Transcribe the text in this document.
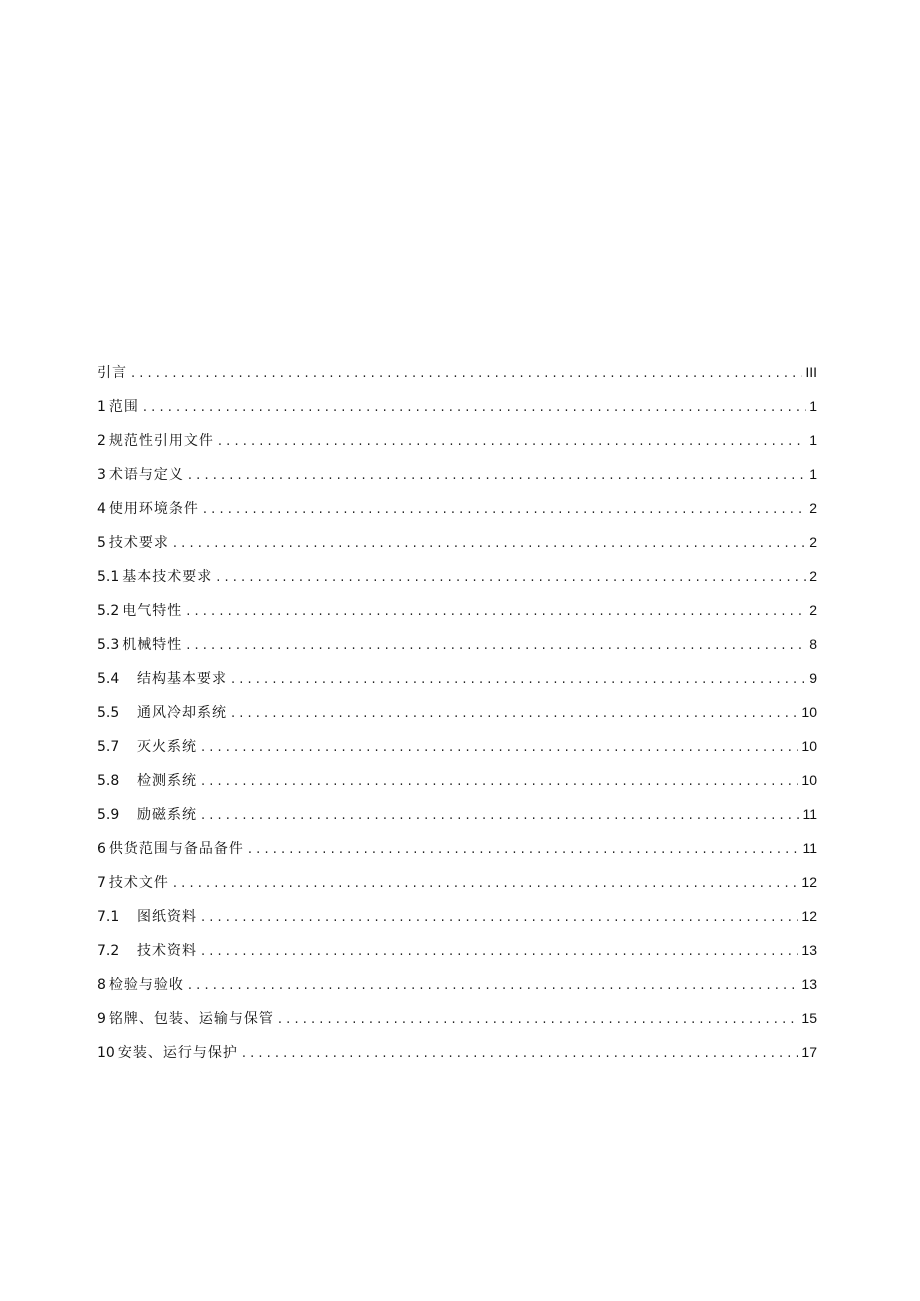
引言 . . .	III
1 范围 . . .	1
2 规范性引用文件 . . .	1
3 术语与定义 . . .	1
4 使用环境条件 . . .	2
5 技术要求 . . .	2
5.1 基本技术要求 . . .	2
5.2 电气特性 . . .	2
5.3 机械特性 . . .	8
5.4	结构基本要求 . . .	9
5.5	通风冷却系统 . . .	10
5.7	灭火系统 . . .	10
5.8	检测系统 . . .	10
5.9	励磁系统 . . .	11
6 供货范围与备品备件 . . .	11
7 技术文件 . . .	12
7.1	图纸资料 . . .	12
7.2	技术资料 . . .	13
8 检验与验收 . . .	13
9 铭牌、包装、运输与保管 . . .	15
10 安装、运行与保护 . . .	17
